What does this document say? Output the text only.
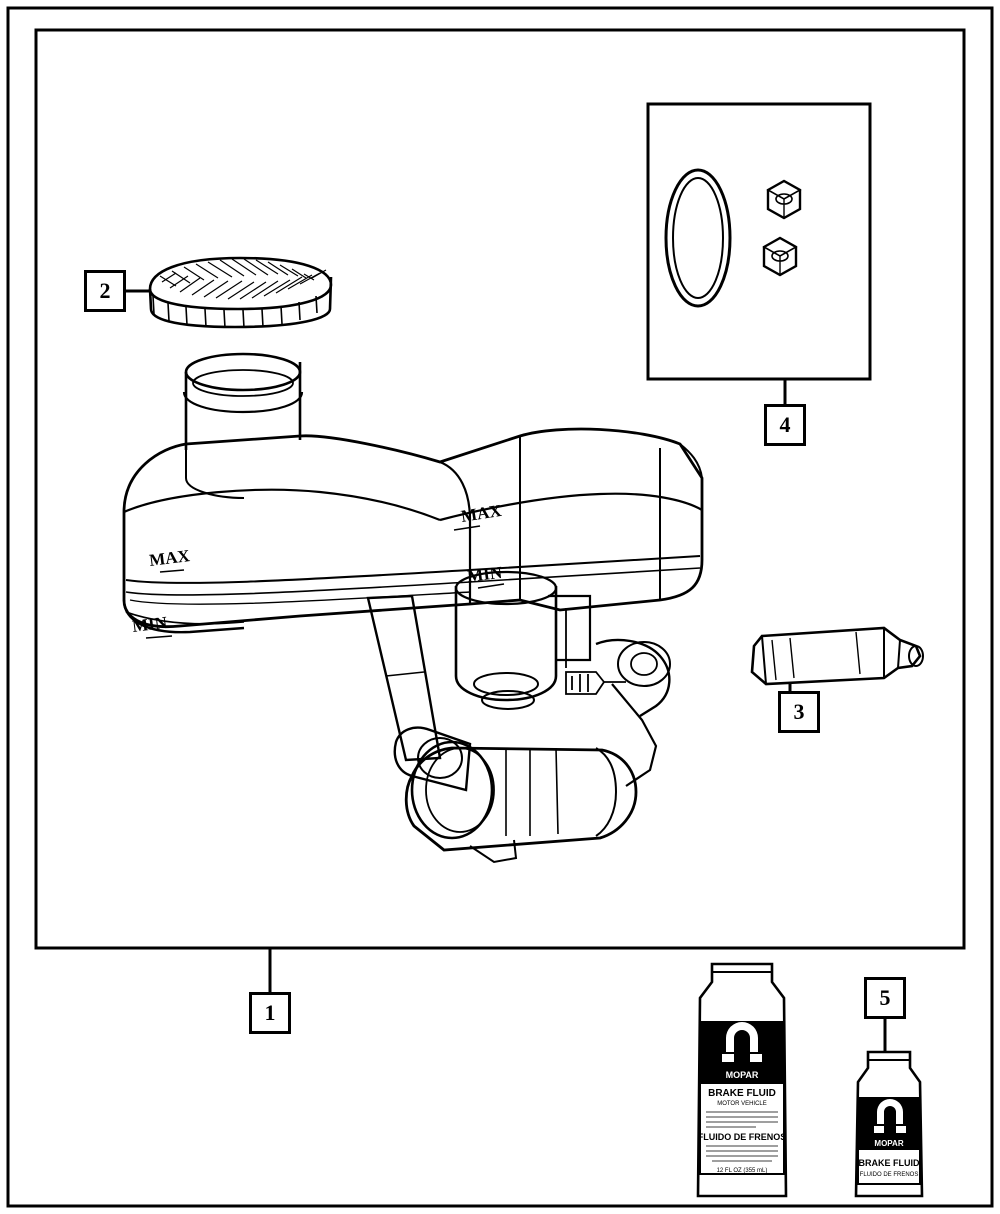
MAX
MIN
MAX
MIN
MOPAR
BRAKE FLUID
MOTOR VEHICLE
FLUIDO DE FRENOS
12 FL OZ (355 mL)
MOPAR
BRAKE FLUID
FLUIDO DE FRENOS
1
2
3
4
5
